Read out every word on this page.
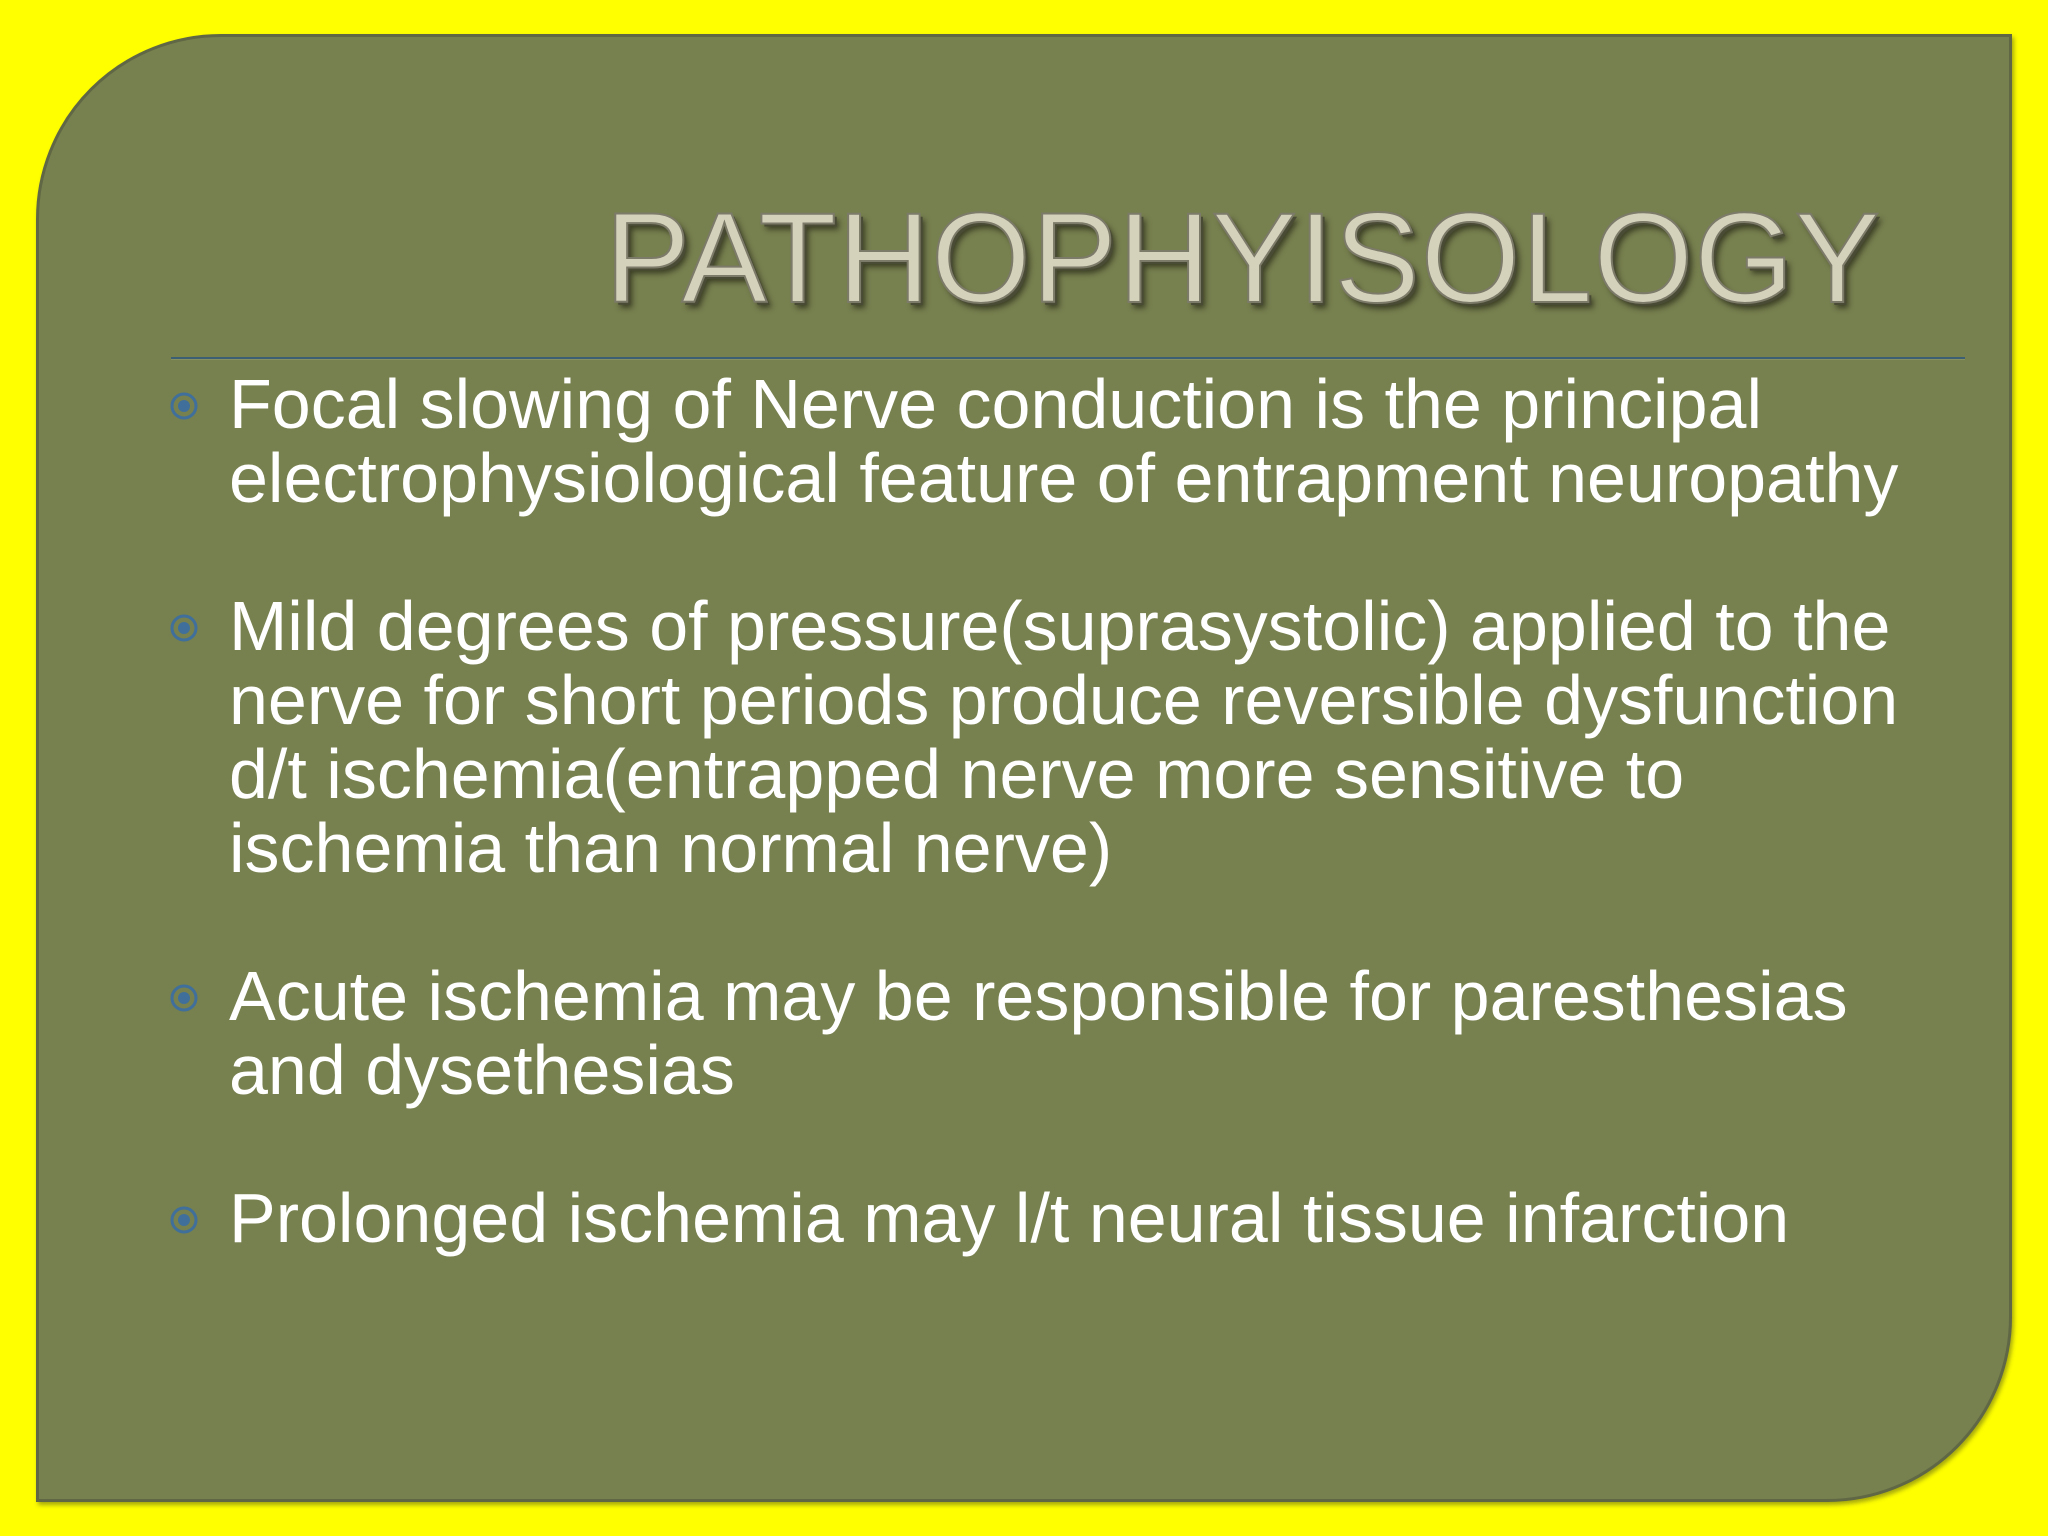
PATHOPHYISOLOGY
Focal slowing of Nerve conduction is the principal electrophysiological feature of entrapment neuropathy
Mild degrees of pressure(suprasystolic) applied to the nerve for short periods produce reversible dysfunction d/t ischemia(entrapped nerve more sensitive to ischemia than normal nerve)
Acute ischemia may be responsible for paresthesias and dysethesias
Prolonged ischemia may l/t neural tissue infarction
